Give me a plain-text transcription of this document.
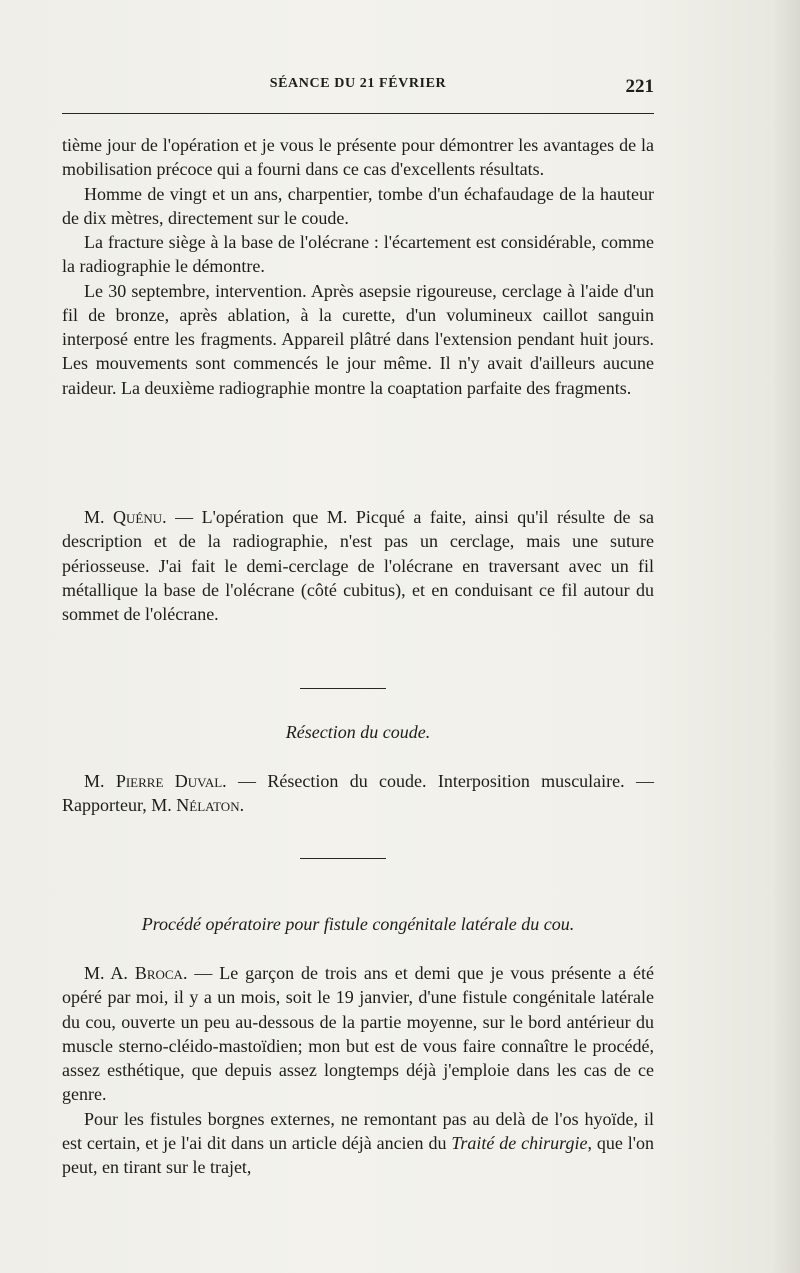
SÉANCE DU 21 FÉVRIER	221

tième jour de l'opération et je vous le présente pour démontrer les avantages de la mobilisation précoce qui a fourni dans ce cas d'excellents résultats.

Homme de vingt et un ans, charpentier, tombe d'un échafaudage de la hauteur de dix mètres, directement sur le coude.

La fracture siège à la base de l'olécrane : l'écartement est considérable, comme la radiographie le démontre.

Le 30 septembre, intervention. Après asepsie rigoureuse, cerclage à l'aide d'un fil de bronze, après ablation, à la curette, d'un volumineux caillot sanguin interposé entre les fragments. Appareil plâtré dans l'extension pendant huit jours. Les mouvements sont commencés le jour même. Il n'y avait d'ailleurs aucune raideur. La deuxième radiographie montre la coaptation parfaite des fragments.

M. Quénu. — L'opération que M. Picqué a faite, ainsi qu'il résulte de sa description et de la radiographie, n'est pas un cerclage, mais une suture périosseuse. J'ai fait le demi-cerclage de l'olécrane en traversant avec un fil métallique la base de l'olécrane (côté cubitus), et en conduisant ce fil autour du sommet de l'olécrane.

Résection du coude.

M. Pierre Duval. — Résection du coude. Interposition musculaire. — Rapporteur, M. Nélaton.

Procédé opératoire pour fistule congénitale latérale du cou.

M. A. Broca. — Le garçon de trois ans et demi que je vous présente a été opéré par moi, il y a un mois, soit le 19 janvier, d'une fistule congénitale latérale du cou, ouverte un peu au-dessous de la partie moyenne, sur le bord antérieur du muscle sterno-cléido-mastoïdien; mon but est de vous faire connaître le procédé, assez esthétique, que depuis assez longtemps déjà j'emploie dans les cas de ce genre.

Pour les fistules borgnes externes, ne remontant pas au delà de l'os hyoïde, il est certain, et je l'ai dit dans un article déjà ancien du Traité de chirurgie, que l'on peut, en tirant sur le trajet,
